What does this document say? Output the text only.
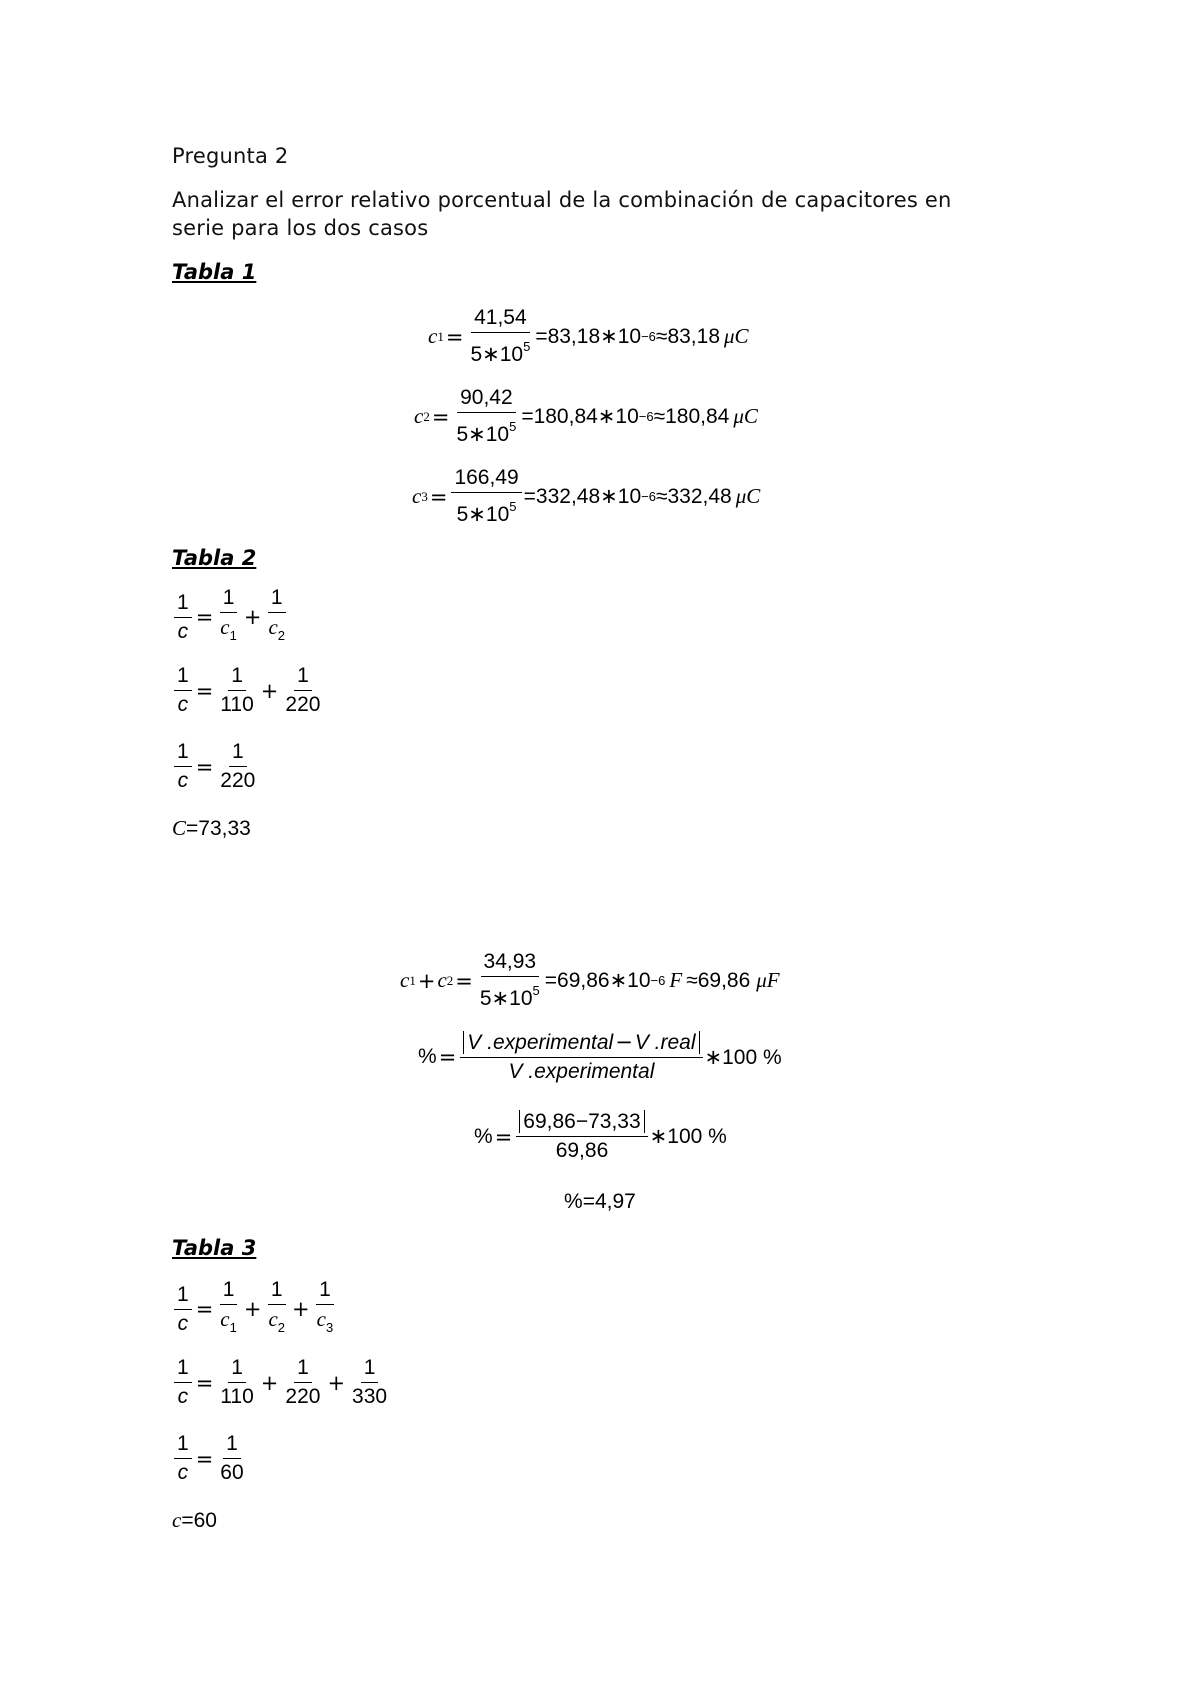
Pregunta 2
Analizar el error relativo porcentual de la combinación de capacitores en
serie para los dos casos
Tabla 1
c $1 = \frac{41,54}{5∗10^5}$ =83,18∗10 −6 ≈83,18 μC
c $2 = \frac{90,42}{5∗10^5}$ =180,84∗10 −6 ≈180,84 μC
c $3 = \frac{166,49}{5∗10^5}$ =332,48∗10 −6 ≈332,48 μC
Tabla 2
$\frac{1}{c} = \frac{1}{c_1} + \frac{1}{c_2}$
$\frac{1}{c} = \frac{1}{110} + \frac{1}{220}$
$\frac{1}{c} = \frac{1}{220}$
C =73,33
c 1 + c $2 = \frac{34,93}{5∗10^5}$ =69,86∗10 −6 F ≈69,86 μF
% = $\frac{\text{V .experimental−V .real}}{\text{V .experimental}}$ ∗100 %
% = $\frac{69,86-73,33}{69,86}$ ∗100 %
% =4,97
Tabla 3
$\frac{1}{c} = \frac{1}{c_1} + \frac{1}{c_2} + \frac{1}{c_3}$
$\frac{1}{c} = \frac{1}{110} + \frac{1}{220} + \frac{1}{330}$
$\frac{1}{c} = \frac{1}{60}$
c =60
